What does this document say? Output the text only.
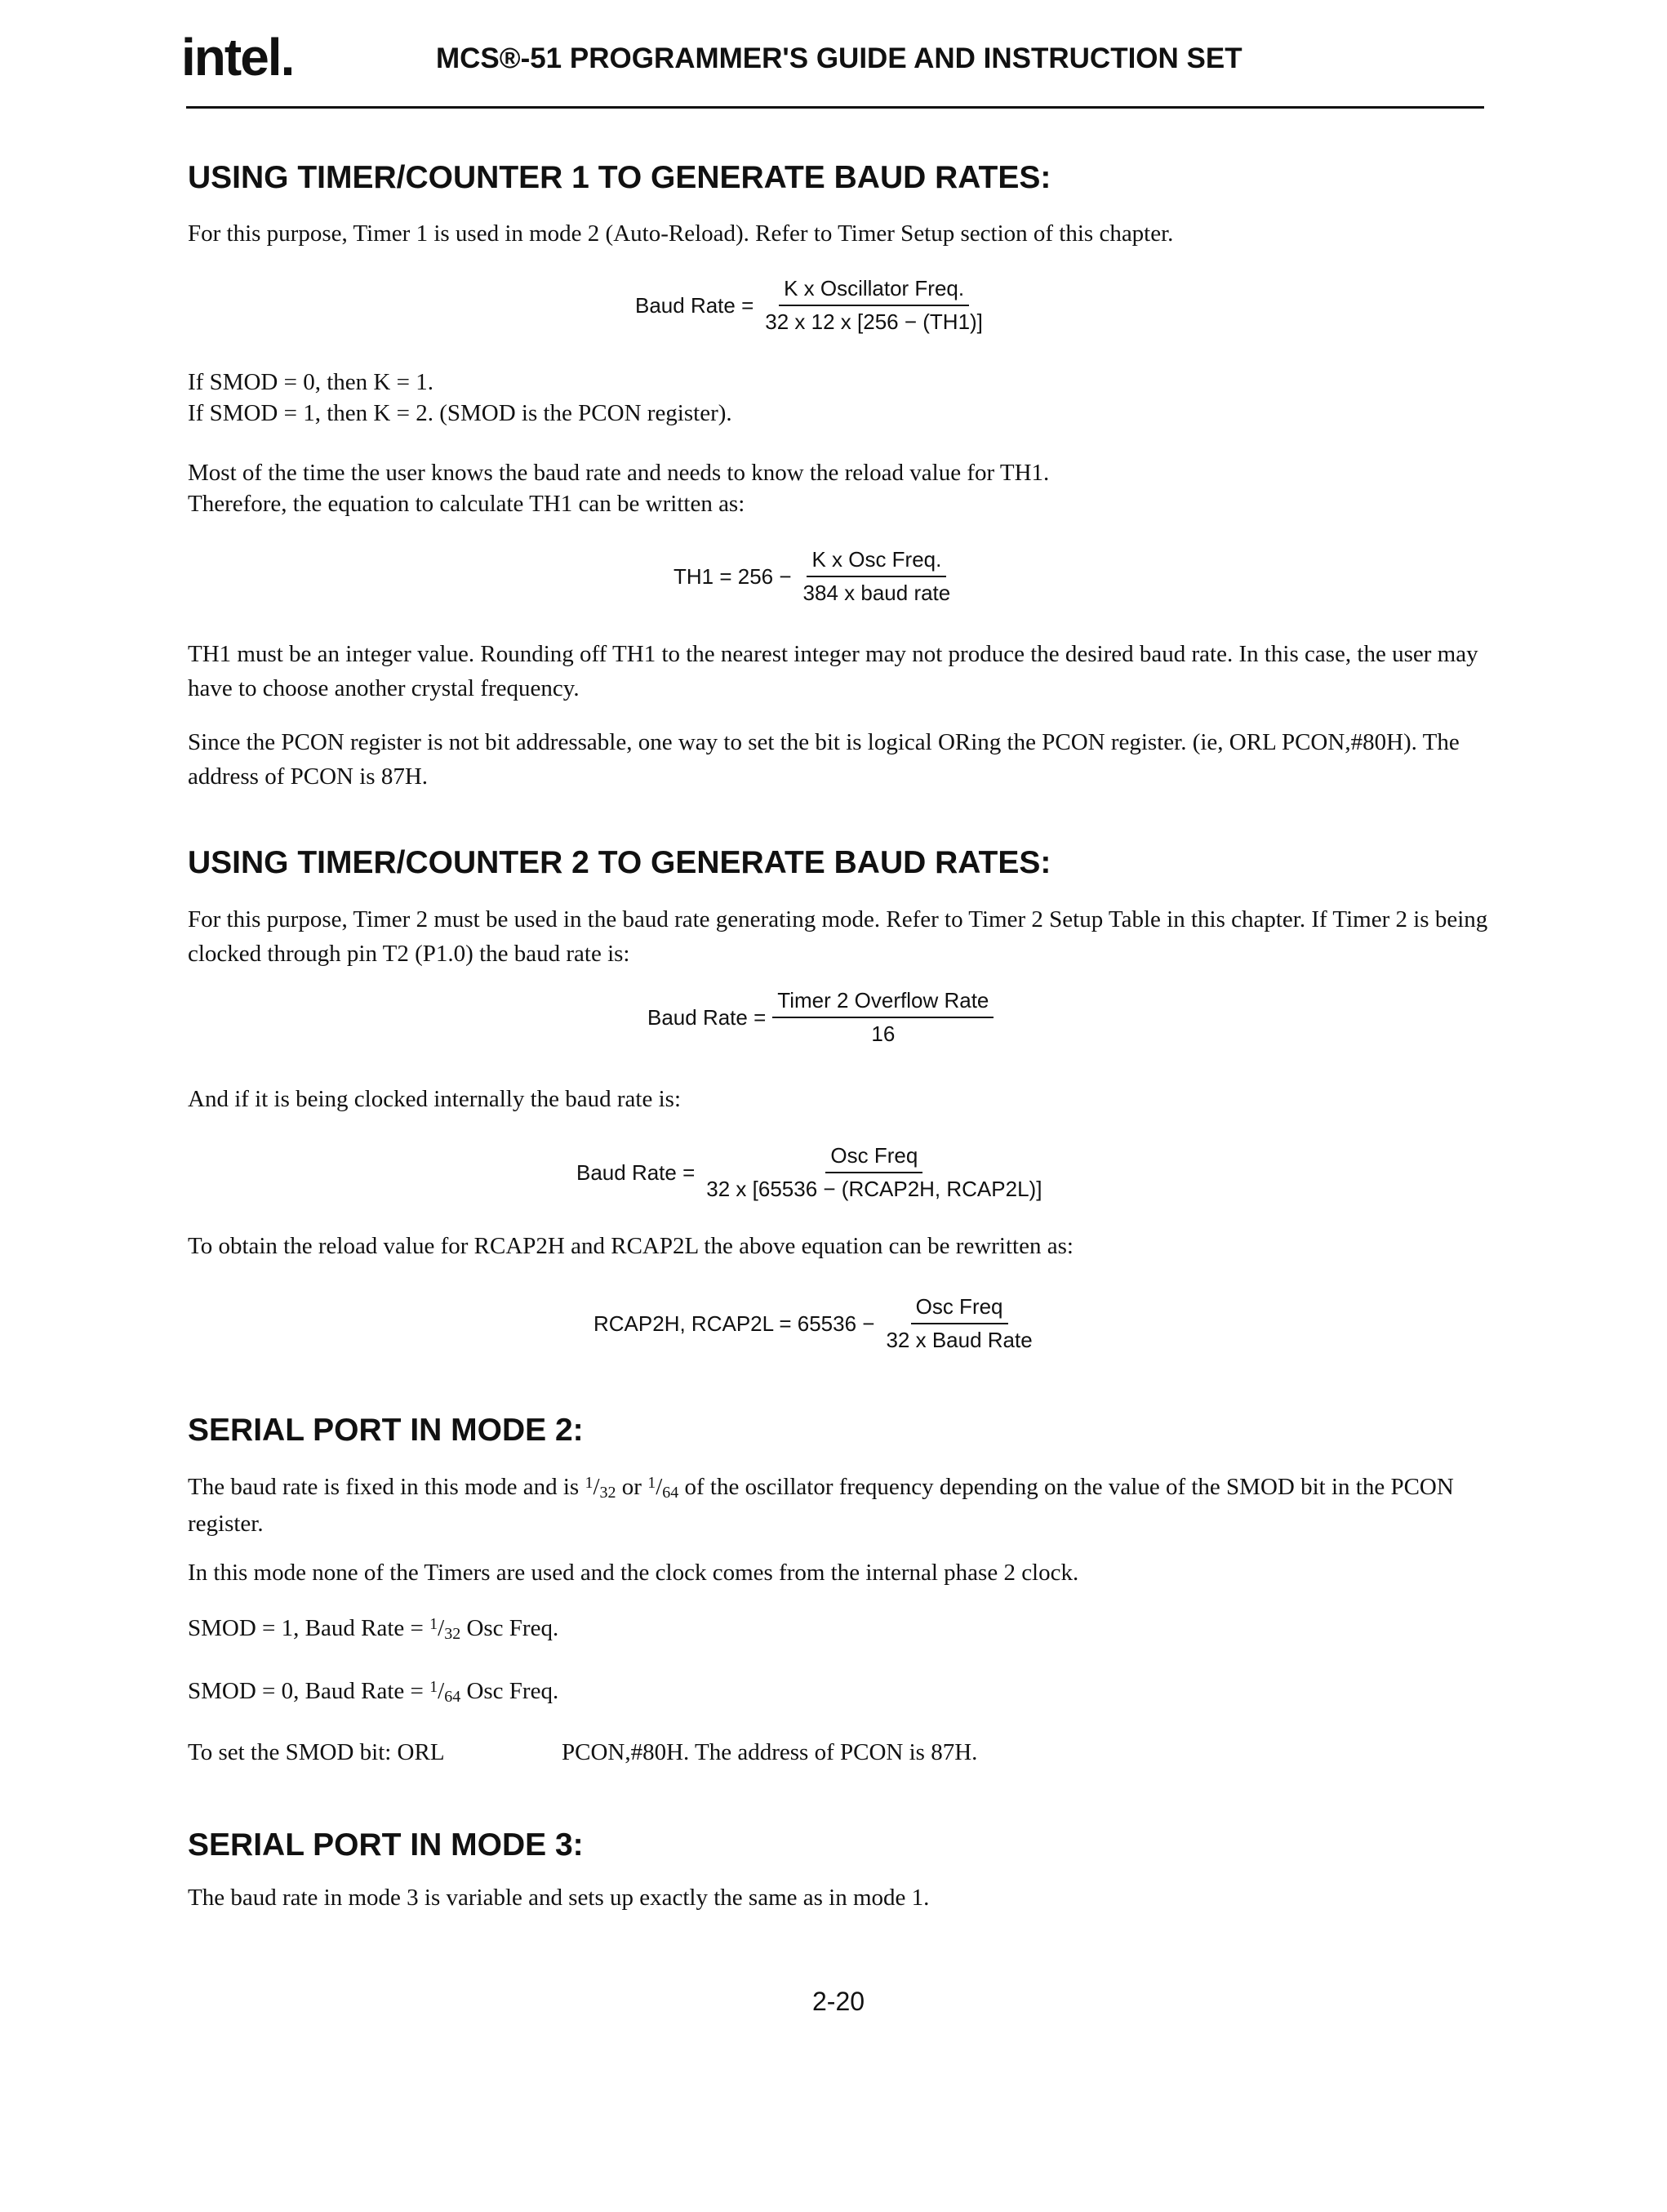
intel.	MCS®-51 PROGRAMMER'S GUIDE AND INSTRUCTION SET
USING TIMER/COUNTER 1 TO GENERATE BAUD RATES:
For this purpose, Timer 1 is used in mode 2 (Auto-Reload). Refer to Timer Setup section of this chapter.
Baud Rate = $\frac{\text{K x Oscillator Freq.}}{32 x 12 x [256 - (TH1)]}$
If SMOD = 0, then K = 1.
If SMOD = 1, then K = 2. (SMOD is the PCON register).
Most of the time the user knows the baud rate and needs to know the reload value for TH1.
Therefore, the equation to calculate TH1 can be written as:
$TH1 = 256 - \frac{\text{K x Osc Freq.}}{\text{384 x baud rate}}$
TH1 must be an integer value. Rounding off TH1 to the nearest integer may not produce the desired baud rate. In this case, the user may have to choose another crystal frequency.
Since the PCON register is not bit addressable, one way to set the bit is logical ORing the PCON register. (ie, ORL PCON,#80H). The address of PCON is 87H.
USING TIMER/COUNTER 2 TO GENERATE BAUD RATES:
For this purpose, Timer 2 must be used in the baud rate generating mode. Refer to Timer 2 Setup Table in this chapter. If Timer 2 is being clocked through pin T2 (P1.0) the baud rate is:
Baud Rate = $\frac{\text{Timer 2 Overflow Rate}}{16}$
And if it is being clocked internally the baud rate is:
Baud Rate = $\frac{\text{Osc Freq}}{\text{32 x [65536 − (RCAP2H, RCAP2L)]}}$
To obtain the reload value for RCAP2H and RCAP2L the above equation can be rewritten as:
RCAP2H, RCAP2L = $65536 - \frac{\text{Osc Freq}}{\text{32 x Baud Rate}}$
SERIAL PORT IN MODE 2:
The baud rate is fixed in this mode and is $^1$/32 or $^1$/64 of the oscillator frequency depending on the value of the SMOD bit in the PCON register.
In this mode none of the Timers are used and the clock comes from the internal phase 2 clock.
SMOD = 1, Baud Rate = $^1$/32 Osc Freq.
SMOD = 0, Baud Rate = $^1$/64 Osc Freq.
To set the SMOD bit: ORL	PCON,#80H. The address of PCON is 87H.
SERIAL PORT IN MODE 3:
The baud rate in mode 3 is variable and sets up exactly the same as in mode 1.
2-20
